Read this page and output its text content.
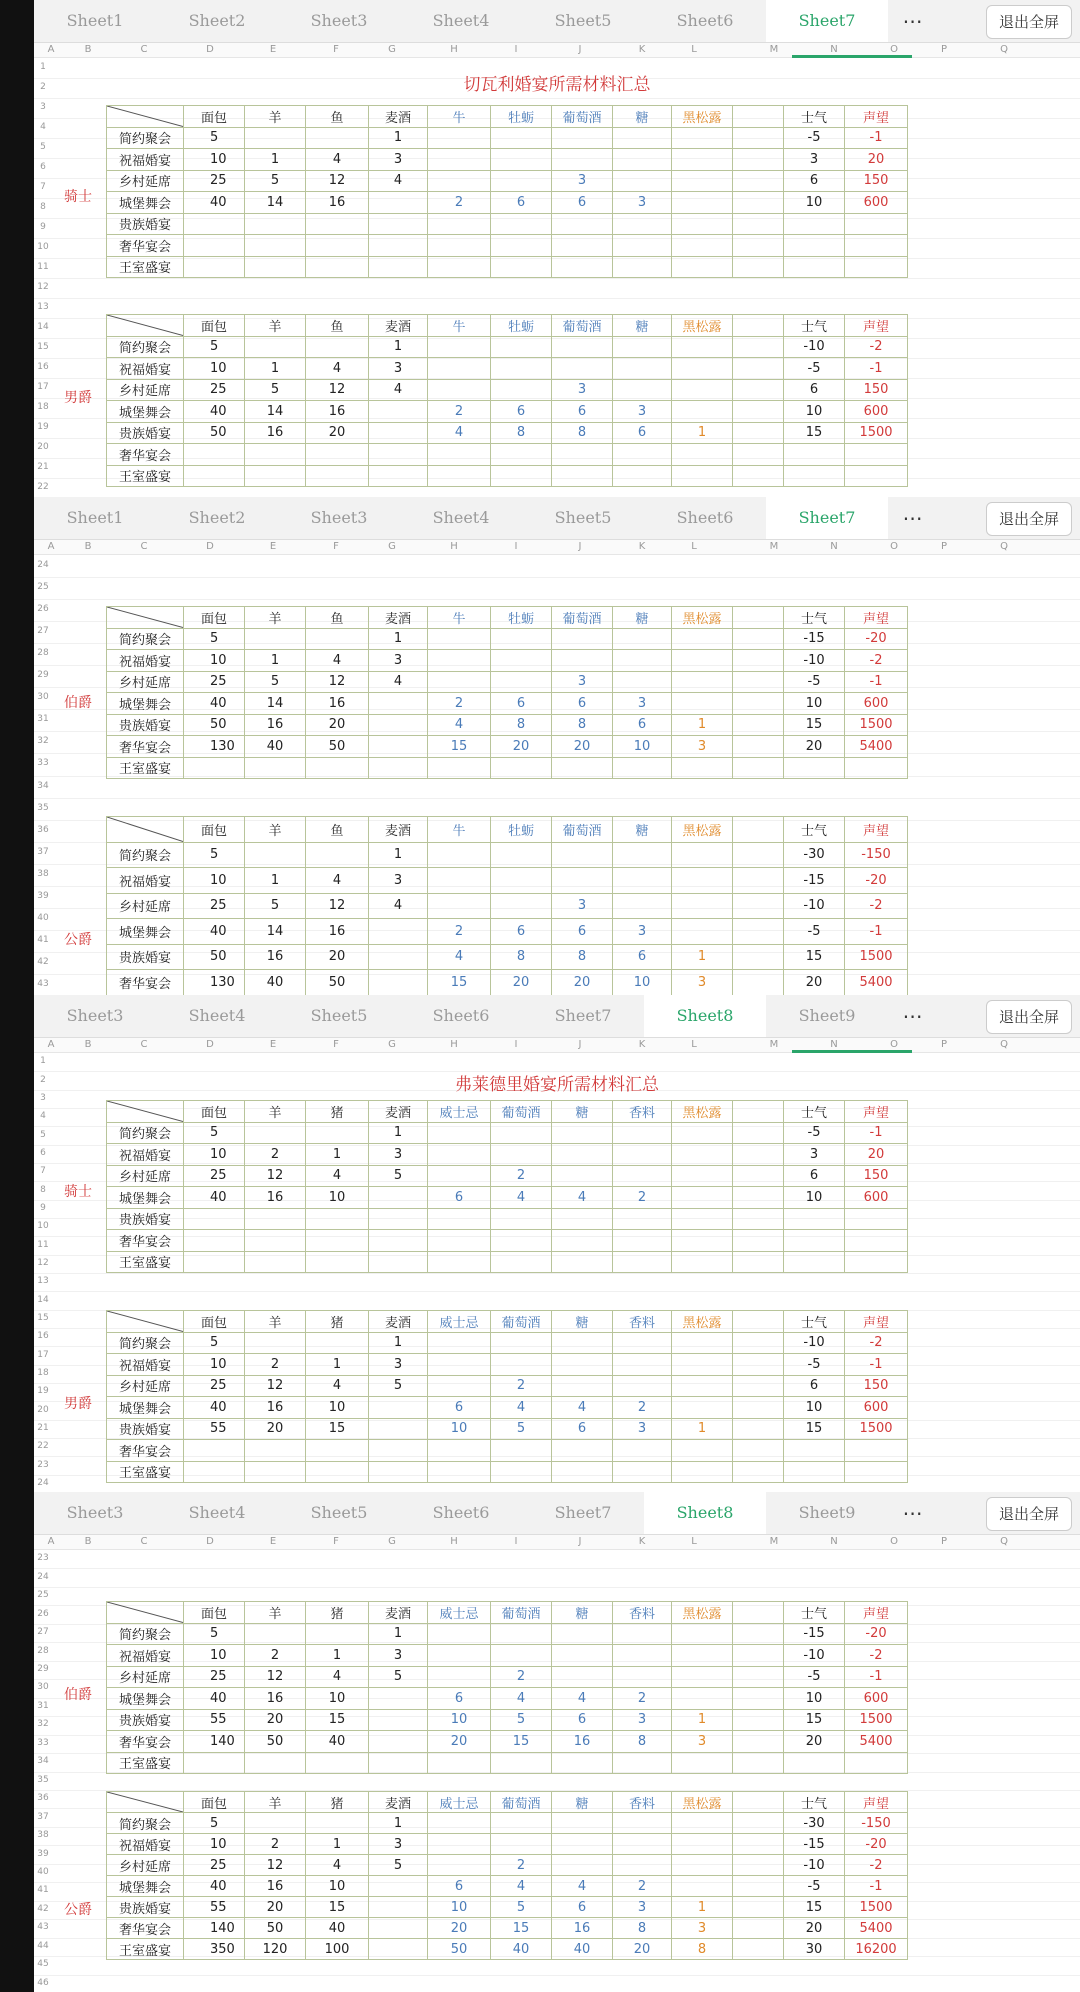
Sheet1	Sheet2	Sheet3	Sheet4	Sheet5	Sheet6	Sheet7	⋯	退出全屏
A	B	C	D	E	F	G	H	I	J	K	L	M	N	O	P	Q
1
2
3
4
5
6
7
8
9
10
11
12
13
14
15
16
17
18
19
20
21
22
切瓦利婚宴所需材料汇总
	面包	羊	鱼	麦酒	牛	牡蛎	葡萄酒	糖	黑松露		士气	声望
简约聚会	5			1							-5	-1
祝福婚宴	10	1	4	3							3	20
乡村延席	25	5	12	4			3				6	150
城堡舞会	40	14	16		2	6	6	3			10	600
贵族婚宴												
奢华宴会												
王室盛宴												
骑士
	面包	羊	鱼	麦酒	牛	牡蛎	葡萄酒	糖	黑松露		士气	声望
简约聚会	5			1							-10	-2
祝福婚宴	10	1	4	3							-5	-1
乡村延席	25	5	12	4			3				6	150
城堡舞会	40	14	16		2	6	6	3			10	600
贵族婚宴	50	16	20		4	8	8	6	1		15	1500
奢华宴会												
王室盛宴												
男爵
Sheet1	Sheet2	Sheet3	Sheet4	Sheet5	Sheet6	Sheet7	⋯	退出全屏
A	B	C	D	E	F	G	H	I	J	K	L	M	N	O	P	Q
24
25
26
27
28
29
30
31
32
33
34
35
36
37
38
39
40
41
42
43
	面包	羊	鱼	麦酒	牛	牡蛎	葡萄酒	糖	黑松露		士气	声望
简约聚会	5			1							-15	-20
祝福婚宴	10	1	4	3							-10	-2
乡村延席	25	5	12	4			3				-5	-1
城堡舞会	40	14	16		2	6	6	3			10	600
贵族婚宴	50	16	20		4	8	8	6	1		15	1500
奢华宴会	130	40	50		15	20	20	10	3		20	5400
王室盛宴												
伯爵
	面包	羊	鱼	麦酒	牛	牡蛎	葡萄酒	糖	黑松露		士气	声望
简约聚会	5			1							-30	-150
祝福婚宴	10	1	4	3							-15	-20
乡村延席	25	5	12	4			3				-10	-2
城堡舞会	40	14	16		2	6	6	3			-5	-1
贵族婚宴	50	16	20		4	8	8	6	1		15	1500
奢华宴会	130	40	50		15	20	20	10	3		20	5400

公爵
Sheet3	Sheet4	Sheet5	Sheet6	Sheet7	Sheet8	Sheet9	⋯	退出全屏
A	B	C	D	E	F	G	H	I	J	K	L	M	N	O	P	Q
1
2
3
4
5
6
7
8
9
10
11
12
13
14
15
16
17
18
19
20
21
22
23
24
弗莱德里婚宴所需材料汇总
	面包	羊	猪	麦酒	威士忌	葡萄酒	糖	香料	黑松露		士气	声望
简约聚会	5			1							-5	-1
祝福婚宴	10	2	1	3							3	20
乡村延席	25	12	4	5		2					6	150
城堡舞会	40	16	10		6	4	4	2			10	600
贵族婚宴												
奢华宴会												
王室盛宴												
骑士
	面包	羊	猪	麦酒	威士忌	葡萄酒	糖	香料	黑松露		士气	声望
简约聚会	5			1							-10	-2
祝福婚宴	10	2	1	3							-5	-1
乡村延席	25	12	4	5		2					6	150
城堡舞会	40	16	10		6	4	4	2			10	600
贵族婚宴	55	20	15		10	5	6	3	1		15	1500
奢华宴会												
王室盛宴												
男爵
Sheet3	Sheet4	Sheet5	Sheet6	Sheet7	Sheet8	Sheet9	⋯	退出全屏
A	B	C	D	E	F	G	H	I	J	K	L	M	N	O	P	Q
23
24
25
26
27
28
29
30
31
32
33
34
35
36
37
38
39
40
41
42
43
44
45
46
	面包	羊	猪	麦酒	威士忌	葡萄酒	糖	香料	黑松露		士气	声望
简约聚会	5			1							-15	-20
祝福婚宴	10	2	1	3							-10	-2
乡村延席	25	12	4	5		2					-5	-1
城堡舞会	40	16	10		6	4	4	2			10	600
贵族婚宴	55	20	15		10	5	6	3	1		15	1500
奢华宴会	140	50	40		20	15	16	8	3		20	5400
王室盛宴												
伯爵
	面包	羊	猪	麦酒	威士忌	葡萄酒	糖	香料	黑松露		士气	声望
简约聚会	5			1							-30	-150
祝福婚宴	10	2	1	3							-15	-20
乡村延席	25	12	4	5		2					-10	-2
城堡舞会	40	16	10		6	4	4	2			-5	-1
贵族婚宴	55	20	15		10	5	6	3	1		15	1500
奢华宴会	140	50	40		20	15	16	8	3		20	5400
王室盛宴	350	120	100		50	40	40	20	8		30	16200
公爵
